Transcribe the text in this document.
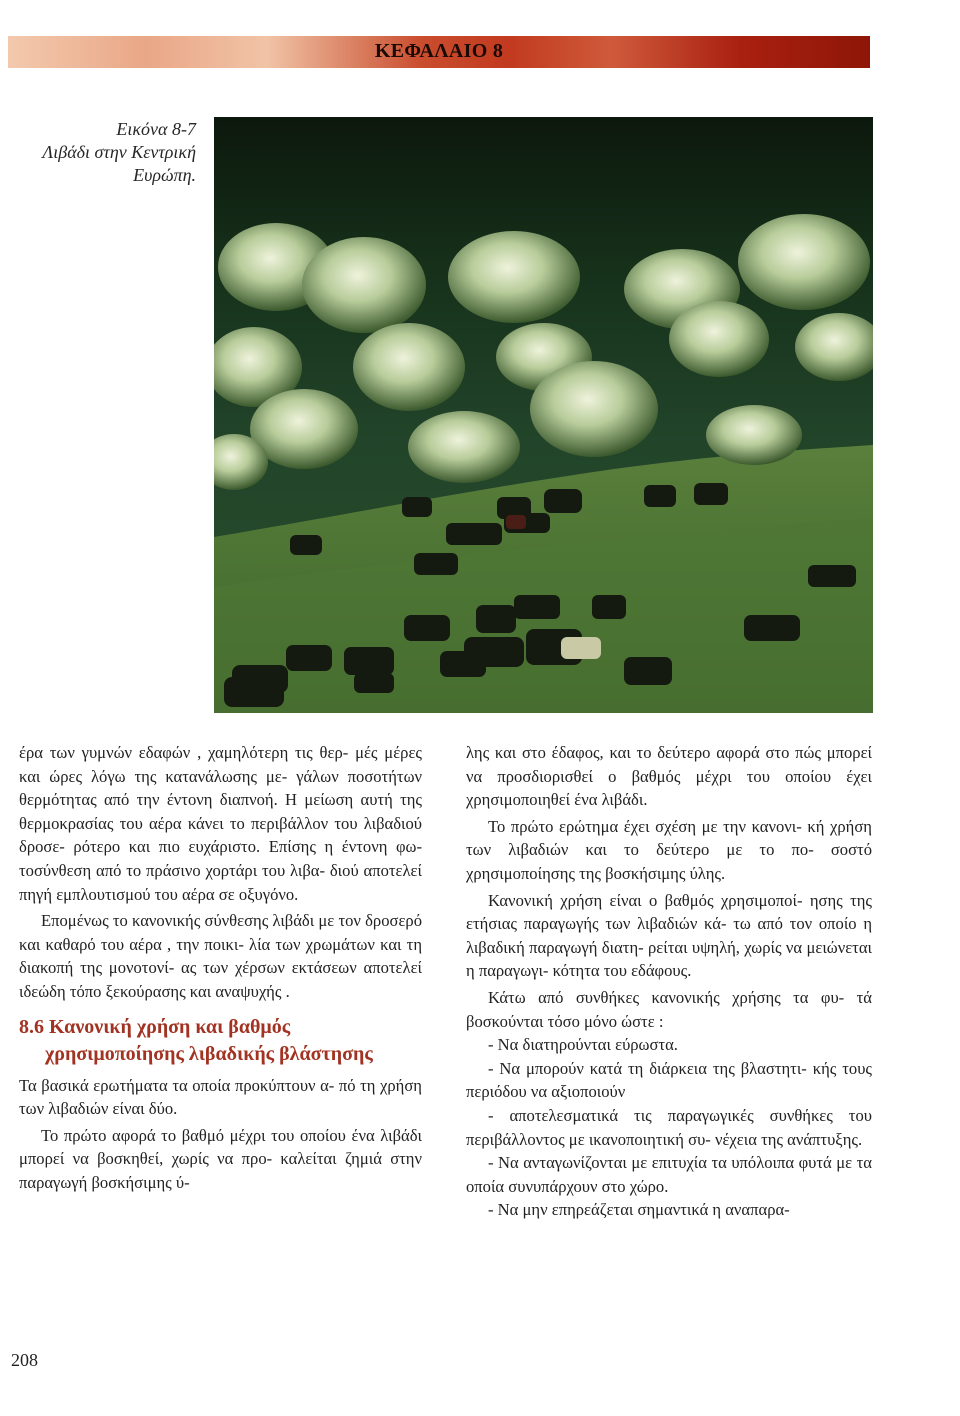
ΚΕΦΑΛΑΙΟ 8
Εικόνα 8-7
Λιβάδι στην Κεντρική
Ευρώπη.

έρα των γυμνών εδαφών , χαμηλότερη τις θερ- μές μέρες και ώρες λόγω της κατανάλωσης με- γάλων ποσοτήτων θερμότητας από την έντονη διαπνοή. Η μείωση αυτή της θερμοκρασίας του αέρα κάνει το περιβάλλον του λιβαδιού δροσε- ρότερο και πιο ευχάριστο. Επίσης η έντονη φω- τοσύνθεση από το πράσινο χορτάρι του λιβα- διού αποτελεί πηγή εμπλουτισμού του αέρα σε οξυγόνο.

Επομένως το κανονικής σύνθεσης λιβάδι με τον δροσερό και καθαρό του αέρα , την ποικι- λία των χρωμάτων και τη διακοπή της μονοτονί- ας των χέρσων εκτάσεων αποτελεί ιδεώδη τόπο ξεκούρασης και αναψυχής .

8.6 Κανονική χρήση και βαθμός
χρησιμοποίησης λιβαδικής βλάστησης

Τα βασικά ερωτήματα τα οποία προκύπτουν α- πό τη χρήση των λιβαδιών είναι δύο.

Το πρώτο αφορά το βαθμό μέχρι του οποίου ένα λιβάδι μπορεί να βοσκηθεί, χωρίς να προ- καλείται ζημιά στην παραγωγή βοσκήσιμης ύ-

λης και στο έδαφος, και το δεύτερο αφορά στο πώς μπορεί να προσδιορισθεί ο βαθμός μέχρι του οποίου έχει χρησιμοποιηθεί ένα λιβάδι.

Το πρώτο ερώτημα έχει σχέση με την κανονι- κή χρήση των λιβαδιών και το δεύτερο με το πο- σοστό χρησιμοποίησης της βοσκήσιμης ύλης.

Κανονική χρήση είναι ο βαθμός χρησιμοποί- ησης της ετήσιας παραγωγής των λιβαδιών κά- τω από τον οποίο η λιβαδική παραγωγή διατη- ρείται υψηλή, χωρίς να μειώνεται η παραγωγι- κότητα του εδάφους.

Κάτω από συνθήκες κανονικής χρήσης τα φυ- τά βοσκούνται τόσο μόνο ώστε :

- Να διατηρούνται εύρωστα.

- Να μπορούν κατά τη διάρκεια της βλαστητι- κής τους περιόδου να αξιοποιούν

- αποτελεσματικά τις παραγωγικές συνθήκες του περιβάλλοντος με ικανοποιητική συ- νέχεια της ανάπτυξης.

- Να ανταγωνίζονται με επιτυχία τα υπόλοιπα φυτά με τα οποία συνυπάρχουν στο χώρο.

- Να μην επηρεάζεται σημαντικά η αναπαρα-

208
